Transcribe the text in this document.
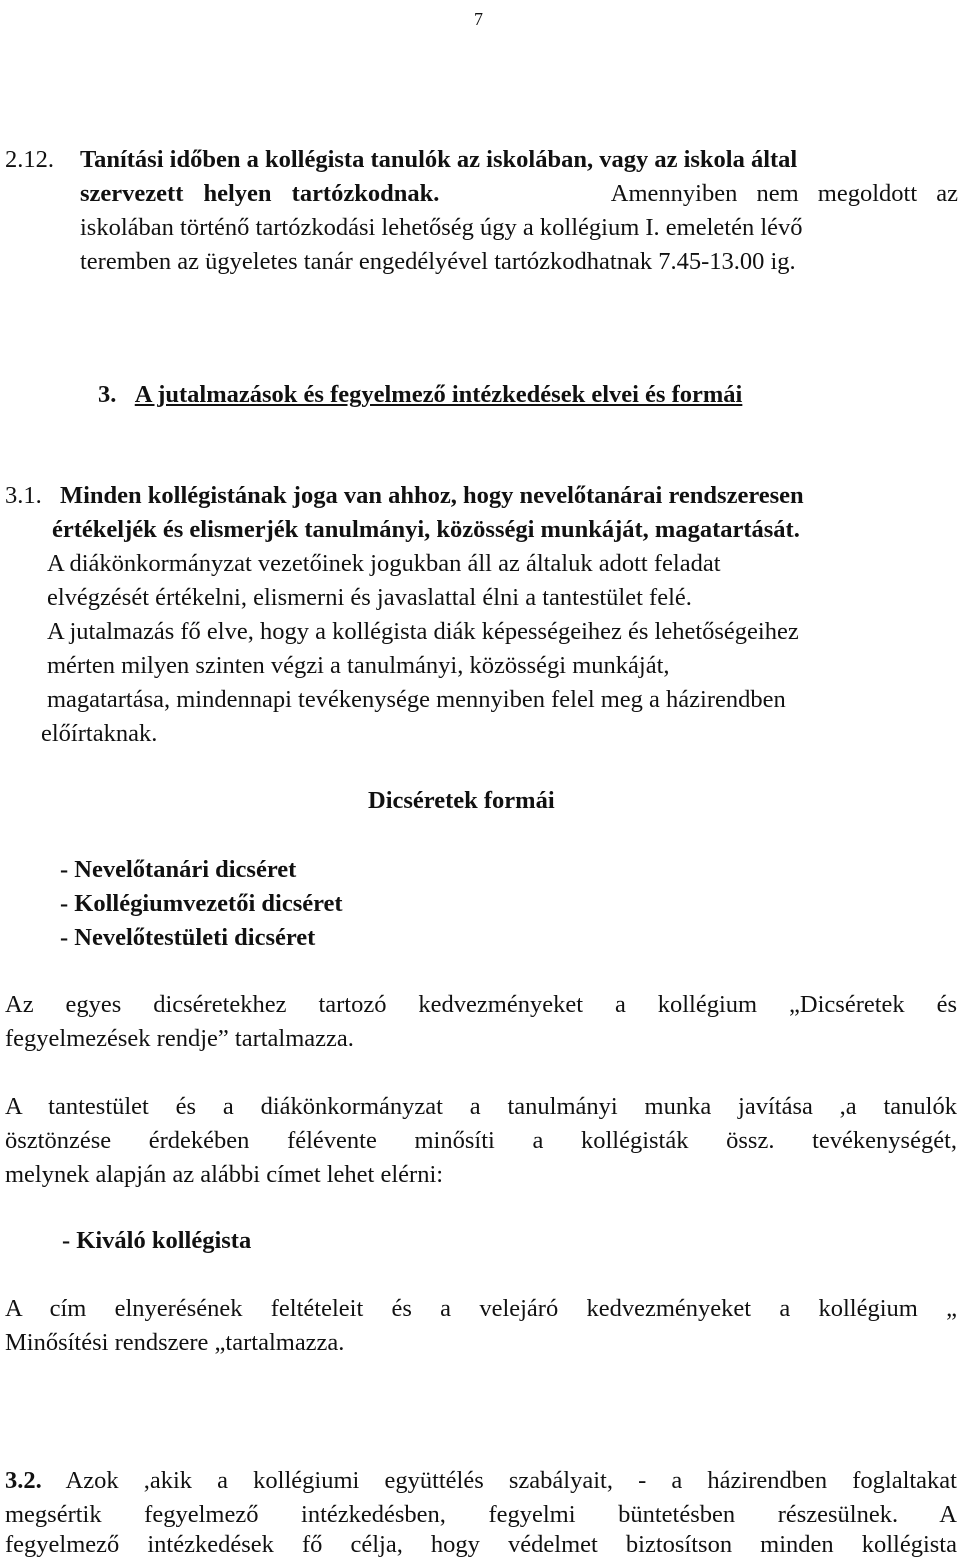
7

2.12. Tanítási időben a kollégista tanulók az iskolában, vagy az iskola által

szervezett helyen tartózkodnak.	Amennyiben nem megoldott az

iskolában történő tartózkodási lehetőség úgy a kollégium I. emeletén lévő

teremben az ügyeletes tanár engedélyével tartózkodhatnak 7.45-13.00 ig.

3. A jutalmazások és fegyelmező intézkedések elvei és formái

3.1. Minden kollégistának joga van ahhoz, hogy nevelőtanárai rendszeresen

értékeljék és elismerjék tanulmányi, közösségi munkáját, magatartását.

A diákönkormányzat vezetőinek jogukban áll az általuk adott feladat

elvégzését értékelni, elismerni és javaslattal élni a tantestület felé.

A jutalmazás fő elve, hogy a kollégista diák képességeihez és lehetőségeihez

mérten milyen szinten végzi a tanulmányi, közösségi munkáját,

magatartása, mindennapi tevékenysége mennyiben felel meg a házirendben

előírtaknak.

Dicséretek formái

- Nevelőtanári dicséret

- Kollégiumvezetői dicséret

- Nevelőtestületi dicséret

Az egyes dicséretekhez tartozó kedvezményeket a kollégium „Dicséretek és

fegyelmezések rendje” tartalmazza.

A tantestület és a diákönkormányzat a tanulmányi munka javítása ,a tanulók

ösztönzése érdekében félévente minősíti a kollégisták össz. tevékenységét,

melynek alapján az alábbi címet lehet elérni:

- Kiváló kollégista

A cím elnyerésének feltételeit és a velejáró kedvezményeket a kollégium „

Minősítési rendszere „tartalmazza.

3.2. Azok ,akik a kollégiumi együttélés szabályait, - a házirendben foglaltakat

megsértik fegyelmező intézkedésben, fegyelmi büntetésben részesülnek. A

fegyelmező intézkedések fő célja, hogy védelmet biztosítson minden kollégista
